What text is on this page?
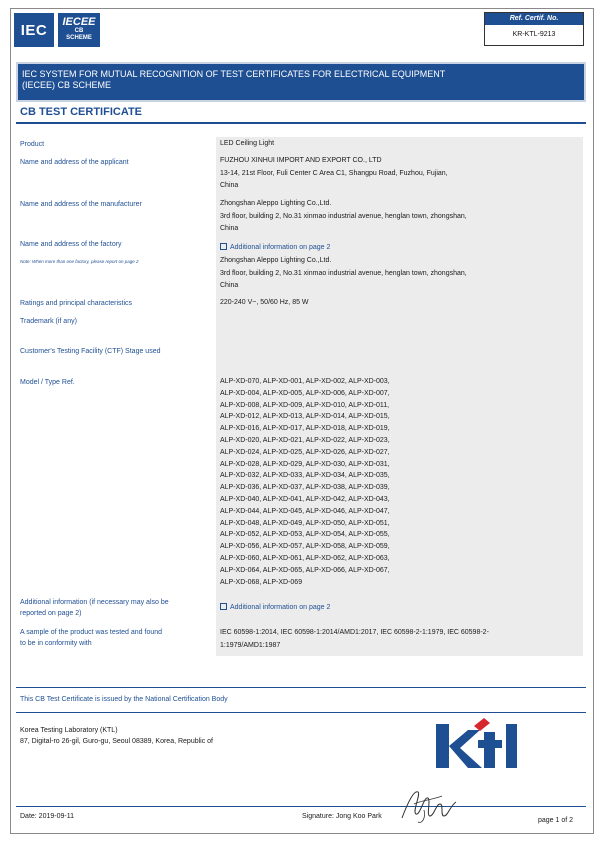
IEC	IECEE
CB
SCHEME
Ref. Certif. No.
KR-KTL-9213
IEC SYSTEM FOR MUTUAL RECOGNITION OF TEST CERTIFICATES FOR ELECTRICAL EQUIPMENT
(IECEE) CB SCHEME
CB TEST CERTIFICATE
Product
Name and address of the applicant
Name and address of the manufacturer
Name and address of the factory
Note: When more than one factory, please report on page 2
Ratings and principal characteristics
Trademark (if any)
Customer's Testing Facility (CTF) Stage used
Model / Type Ref.
Additional information (if necessary may also be
reported on page 2)
A sample of the product was tested and found
to be in conformity with
LED Ceiling Light
FUZHOU XINHUI IMPORT AND EXPORT CO., LTD
13-14, 21st Floor, Fuli Center C Area C1, Shangpu Road, Fuzhou, Fujian,
China
Zhongshan Aleppo Lighting Co.,Ltd.
3rd floor, building 2, No.31 xinmao industrial avenue, henglan town, zhongshan,
China
Additional information on page 2
Zhongshan Aleppo Lighting Co.,Ltd.
3rd floor, building 2, No.31 xinmao industrial avenue, henglan town, zhongshan,
China
220-240 V~, 50/60 Hz, 85 W
ALP-XD-070, ALP-XD-001, ALP-XD-002, ALP-XD-003,
ALP-XD-004, ALP-XD-005, ALP-XD-006, ALP-XD-007,
ALP-XD-008, ALP-XD-009, ALP-XD-010, ALP-XD-011,
ALP-XD-012, ALP-XD-013, ALP-XD-014, ALP-XD-015,
ALP-XD-016, ALP-XD-017, ALP-XD-018, ALP-XD-019,
ALP-XD-020, ALP-XD-021, ALP-XD-022, ALP-XD-023,
ALP-XD-024, ALP-XD-025, ALP-XD-026, ALP-XD-027,
ALP-XD-028, ALP-XD-029, ALP-XD-030, ALP-XD-031,
ALP-XD-032, ALP-XD-033, ALP-XD-034, ALP-XD-035,
ALP-XD-036, ALP-XD-037, ALP-XD-038, ALP-XD-039,
ALP-XD-040, ALP-XD-041, ALP-XD-042, ALP-XD-043,
ALP-XD-044, ALP-XD-045, ALP-XD-046, ALP-XD-047,
ALP-XD-048, ALP-XD-049, ALP-XD-050, ALP-XD-051,
ALP-XD-052, ALP-XD-053, ALP-XD-054, ALP-XD-055,
ALP-XD-056, ALP-XD-057, ALP-XD-058, ALP-XD-059,
ALP-XD-060, ALP-XD-061, ALP-XD-062, ALP-XD-063,
ALP-XD-064, ALP-XD-065, ALP-XD-066, ALP-XD-067,
ALP-XD-068, ALP-XD-069
Additional information on page 2
IEC 60598-1:2014, IEC 60598-1:2014/AMD1:2017, IEC 60598-2-1:1979, IEC 60598-2-
1:1979/AMD1:1987
This CB Test Certificate is issued by the National Certification Body
Korea Testing Laboratory (KTL)
87, Digital-ro 26-gil, Guro-gu, Seoul 08389, Korea, Republic of
Date: 2019-09-11	Signature: Jong Koo Park
page 1 of 2
